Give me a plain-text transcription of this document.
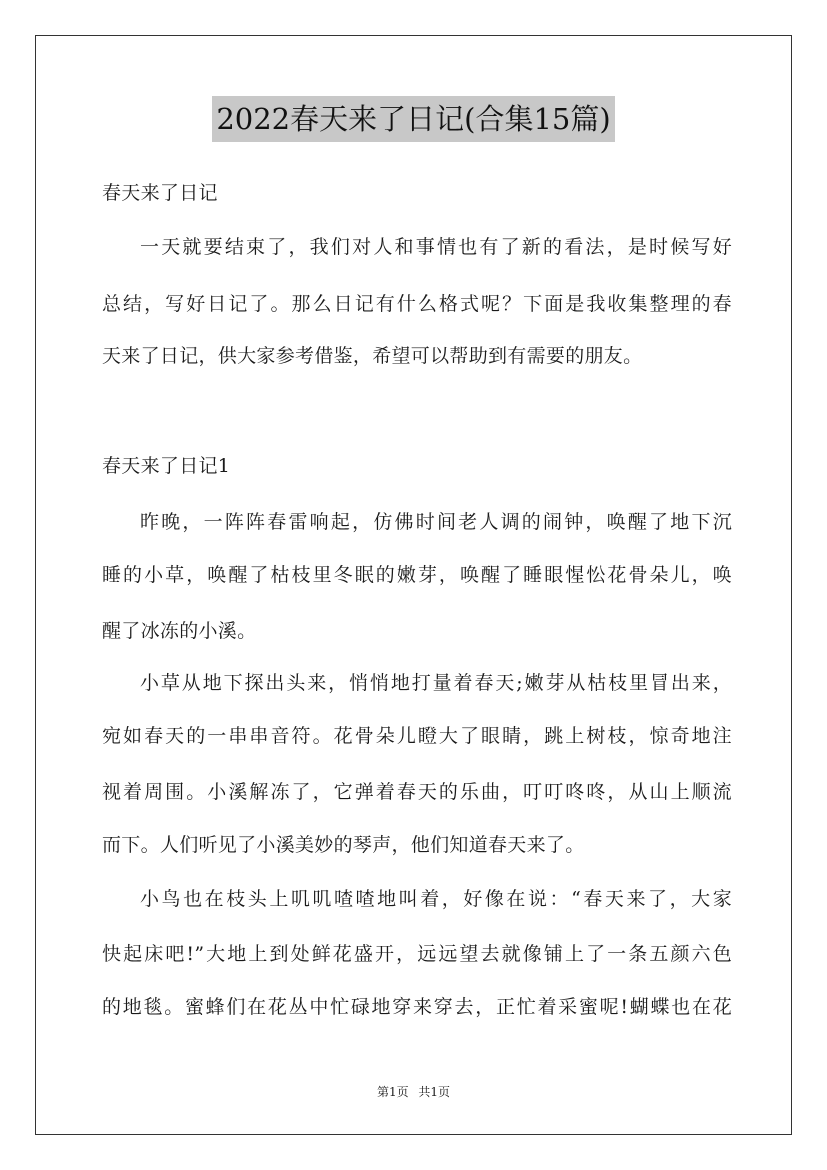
2022春天来了日记(合集15篇)
春天来了日记
一天就要结束了，我们对人和事情也有了新的看法，是时候写好
总结，写好日记了。那么日记有什么格式呢？下面是我收集整理的春
天来了日记，供大家参考借鉴，希望可以帮助到有需要的朋友。
春天来了日记1
昨晚，一阵阵春雷响起，仿佛时间老人调的闹钟，唤醒了地下沉
睡的小草，唤醒了枯枝里冬眠的嫩芽，唤醒了睡眼惺忪花骨朵儿，唤
醒了冰冻的小溪。
小草从地下探出头来，悄悄地打量着春天;嫩芽从枯枝里冒出来，
宛如春天的一串串音符。花骨朵儿瞪大了眼睛，跳上树枝，惊奇地注
视着周围。小溪解冻了，它弹着春天的乐曲，叮叮咚咚，从山上顺流
而下。人们听见了小溪美妙的琴声，他们知道春天来了。
小鸟也在枝头上叽叽喳喳地叫着，好像在说：“春天来了，大家
快起床吧!”大地上到处鲜花盛开，远远望去就像铺上了一条五颜六色
的地毯。蜜蜂们在花丛中忙碌地穿来穿去，正忙着采蜜呢!蝴蝶也在花
第1页 共1页
